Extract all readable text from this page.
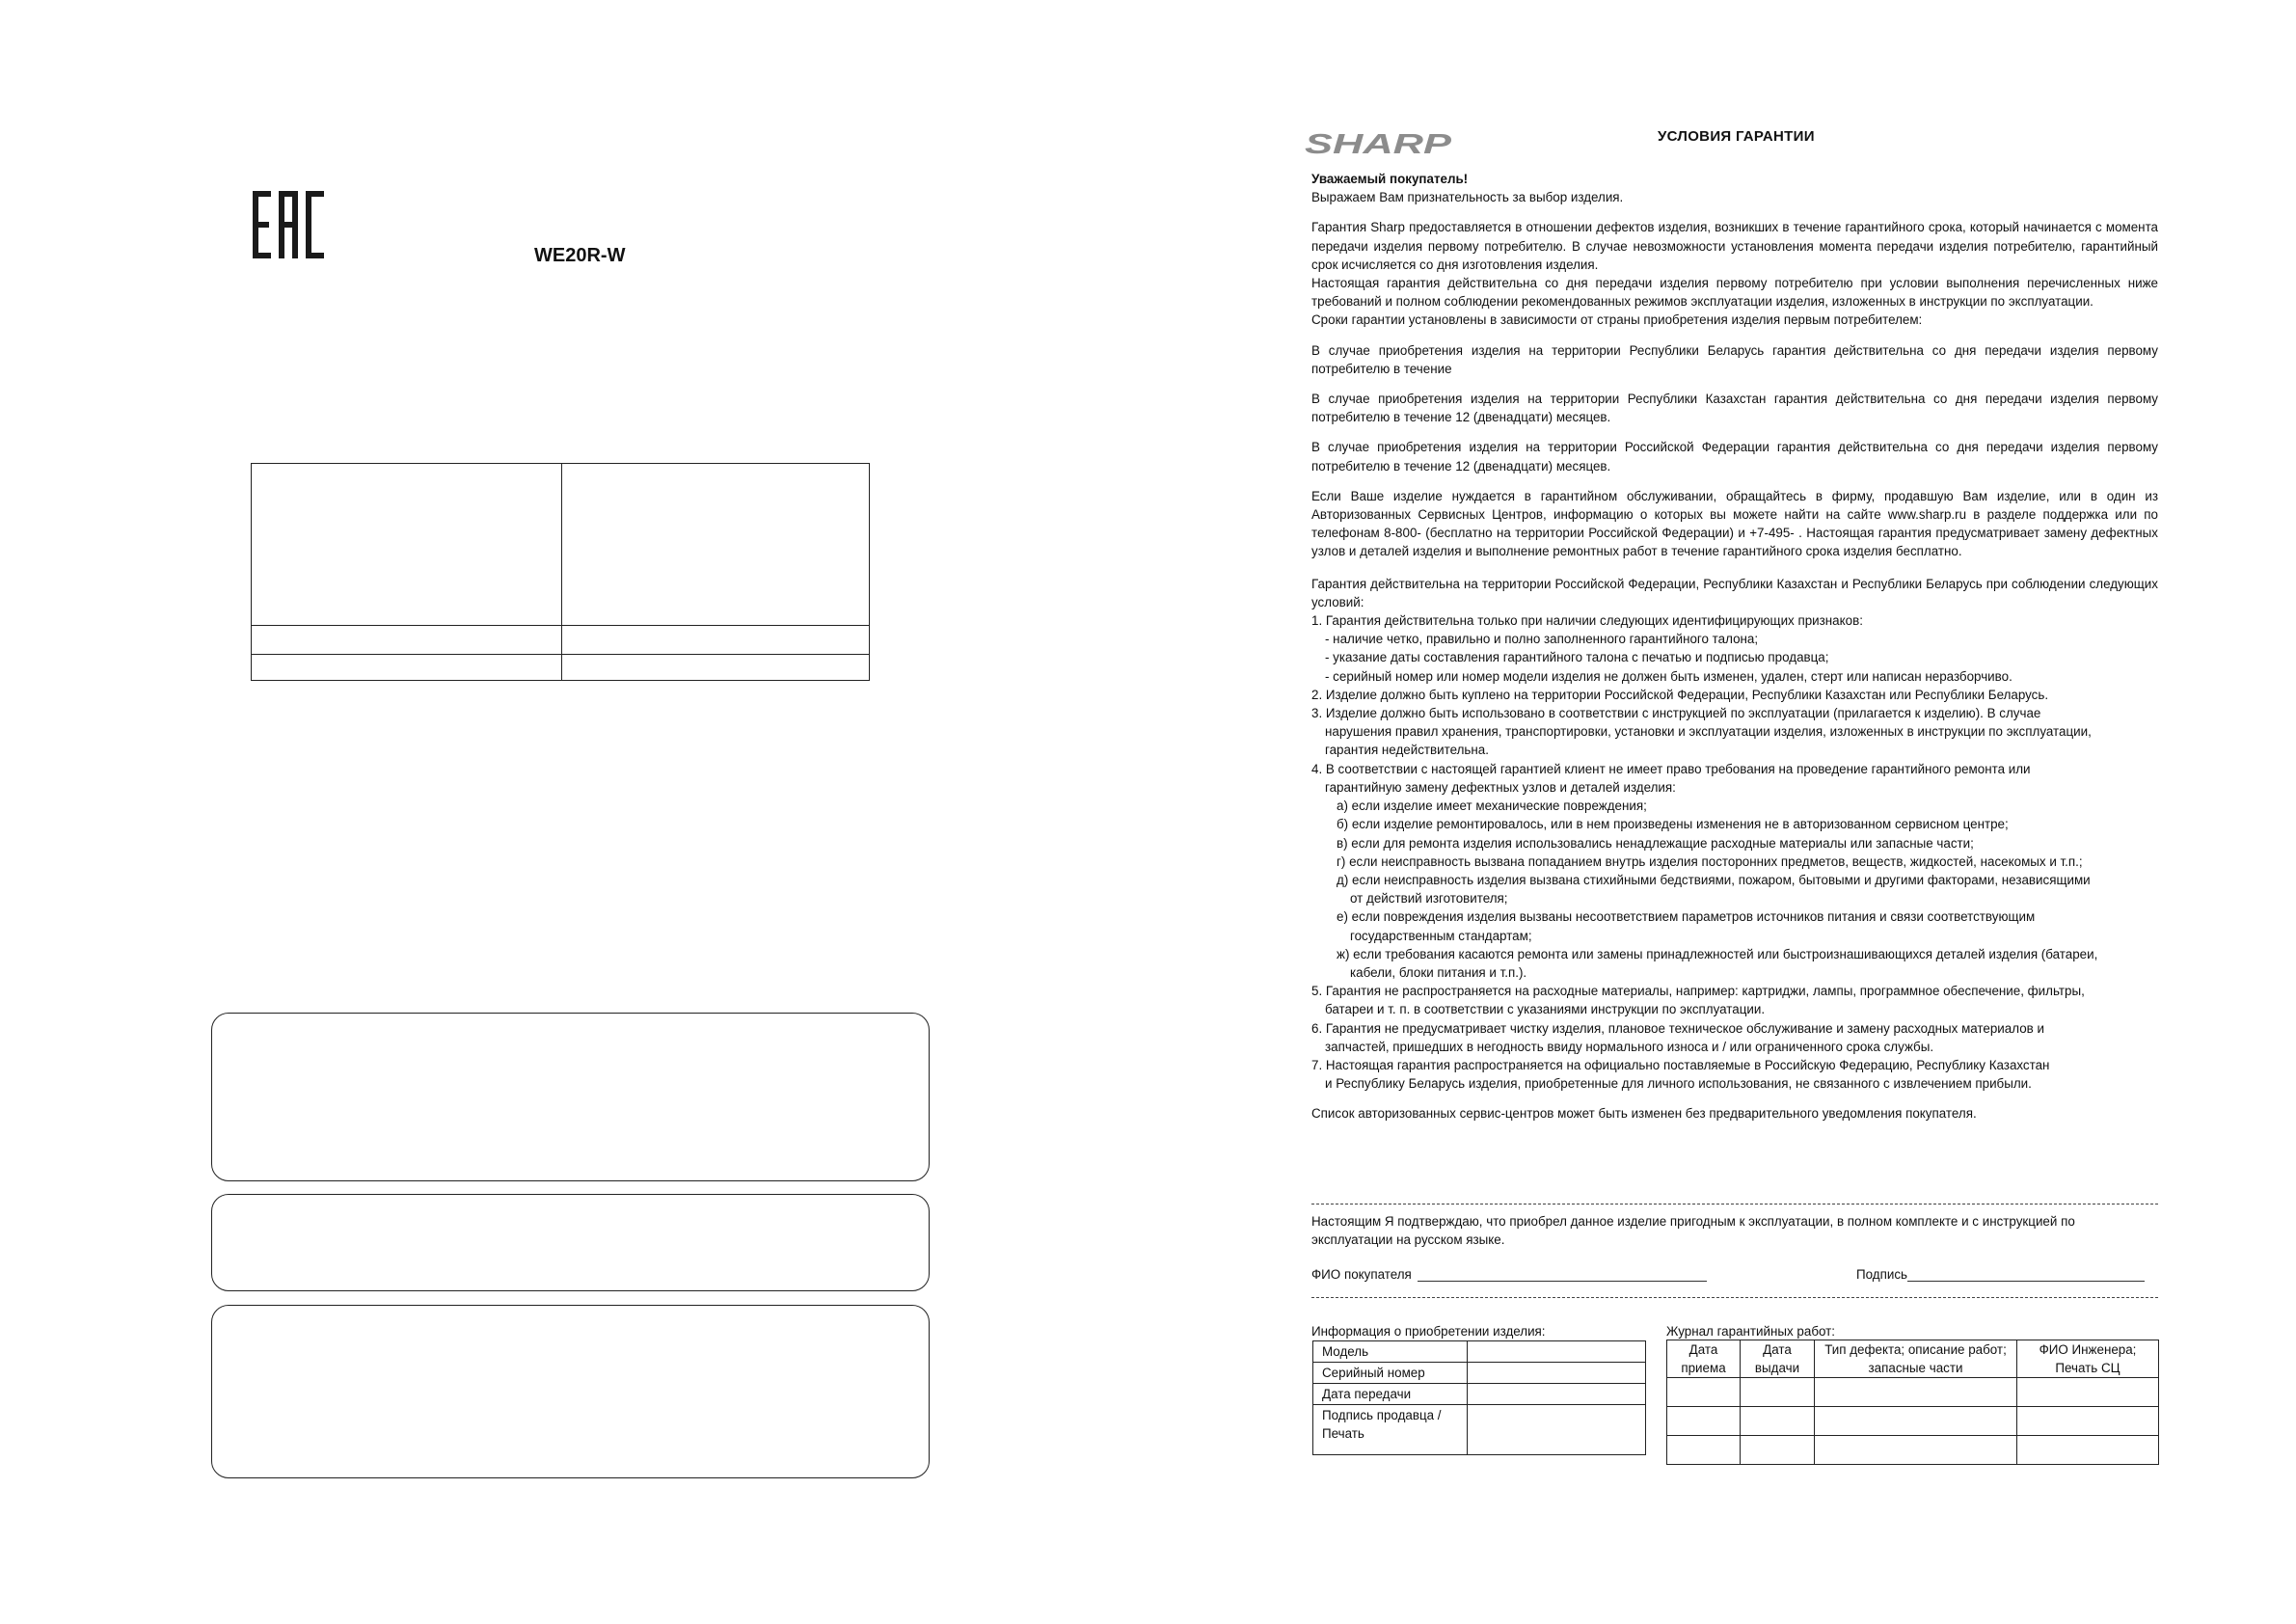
WE20R-W
SHARP	УСЛОВИЯ ГАРАНТИИ

Уважаемый покупатель!

Выражаем Вам признательность за выбор изделия.

Гарантия Sharp предоставляется в отношении дефектов изделия, возникших в течение гарантийного срока, который начинается с момента передачи изделия первому потребителю. В случае невозможности установления момента передачи изделия потребителю, гарантийный срок исчисляется со дня изготовления изделия.

Настоящая гарантия действительна со дня передачи изделия первому потребителю при условии выполнения перечисленных ниже требований и полном соблюдении рекомендованных режимов эксплуатации изделия, изложенных в инструкции по эксплуатации.

Сроки гарантии установлены в зависимости от страны приобретения изделия первым потребителем:

В случае приобретения изделия на территории Республики Беларусь гарантия действительна со дня передачи изделия первому потребителю в течение

В случае приобретения изделия на территории Республики Казахстан гарантия действительна со дня передачи изделия первому потребителю в течение 12 (двенадцати) месяцев.

В случае приобретения изделия на территории Российской Федерации гарантия действительна со дня передачи изделия первому потребителю в течение 12 (двенадцати) месяцев.

Если Ваше изделие нуждается в гарантийном обслуживании, обращайтесь в фирму, продавшую Вам изделие, или в один из Авторизованных Сервисных Центров, информацию о которых вы можете найти на сайте www.sharp.ru в разделе поддержка или по телефонам 8-800- (бесплатно на территории Российской Федерации) и +7-495- . Настоящая гарантия предусматривает замену дефектных узлов и деталей изделия и выполнение ремонтных работ в течение гарантийного срока изделия бесплатно.

Гарантия действительна на территории Российской Федерации, Республики Казахстан и Республики Беларусь при соблюдении следующих условий:

1. Гарантия действительна только при наличии следующих идентифицирующих признаков:

- наличие четко, правильно и полно заполненного гарантийного талона;

- указание даты составления гарантийного талона с печатью и подписью продавца;

- серийный номер или номер модели изделия не должен быть изменен, удален, стерт или написан неразборчиво.

2. Изделие должно быть куплено на территории Российской Федерации, Республики Казахстан или Республики Беларусь.

3. Изделие должно быть использовано в соответствии с инструкцией по эксплуатации (прилагается к изделию). В случае

нарушения правил хранения, транспортировки, установки и эксплуатации изделия, изложенных в инструкции по эксплуатации,

гарантия недействительна.

4. В соответствии с настоящей гарантией клиент не имеет право требования на проведение гарантийного ремонта или

гарантийную замену дефектных узлов и деталей изделия:

а) если изделие имеет механические повреждения;

б) если изделие ремонтировалось, или в нем произведены изменения не в авторизованном сервисном центре;

в) если для ремонта изделия использовались ненадлежащие расходные материалы или запасные части;

г) если неисправность вызвана попаданием внутрь изделия посторонних предметов, веществ, жидкостей, насекомых и т.п.;

д) если неисправность изделия вызвана стихийными бедствиями, пожаром, бытовыми и другими факторами, независящими

от действий изготовителя;

е) если повреждения изделия вызваны несоответствием параметров источников питания и связи соответствующим

государственным стандартам;

ж) если требования касаются ремонта или замены принадлежностей или быстроизнашивающихся деталей изделия (батареи,

кабели, блоки питания и т.п.).

5. Гарантия не распространяется на расходные материалы, например: картриджи, лампы, программное обеспечение, фильтры,

батареи и т. п. в соответствии с указаниями инструкции по эксплуатации.

6. Гарантия не предусматривает чистку изделия, плановое техническое обслуживание и замену расходных материалов и

запчастей, пришедших в негодность ввиду нормального износа и / или ограниченного срока службы.

7. Настоящая гарантия распространяется на официально поставляемые в Российскую Федерацию, Республику Казахстан

и Республику Беларусь изделия, приобретенные для личного использования, не связанного с извлечением прибыли.

Список авторизованных сервис-центров может быть изменен без предварительного уведомления покупателя.

Настоящим Я подтверждаю, что приобрел данное изделие пригодным к эксплуатации, в полном комплекте и с инструкцией по эксплуатации на русском языке.
ФИО покупателя	Подпись
Информация о приобретении изделия:	Журнал гарантийных работ:
Модель	
Серийный номер	
Дата передачи	
Подпись продавца / Печать	
Дата приема	Дата выдачи	Тип дефекта; описание работ; запасные части	ФИО Инженера; Печать СЦ
